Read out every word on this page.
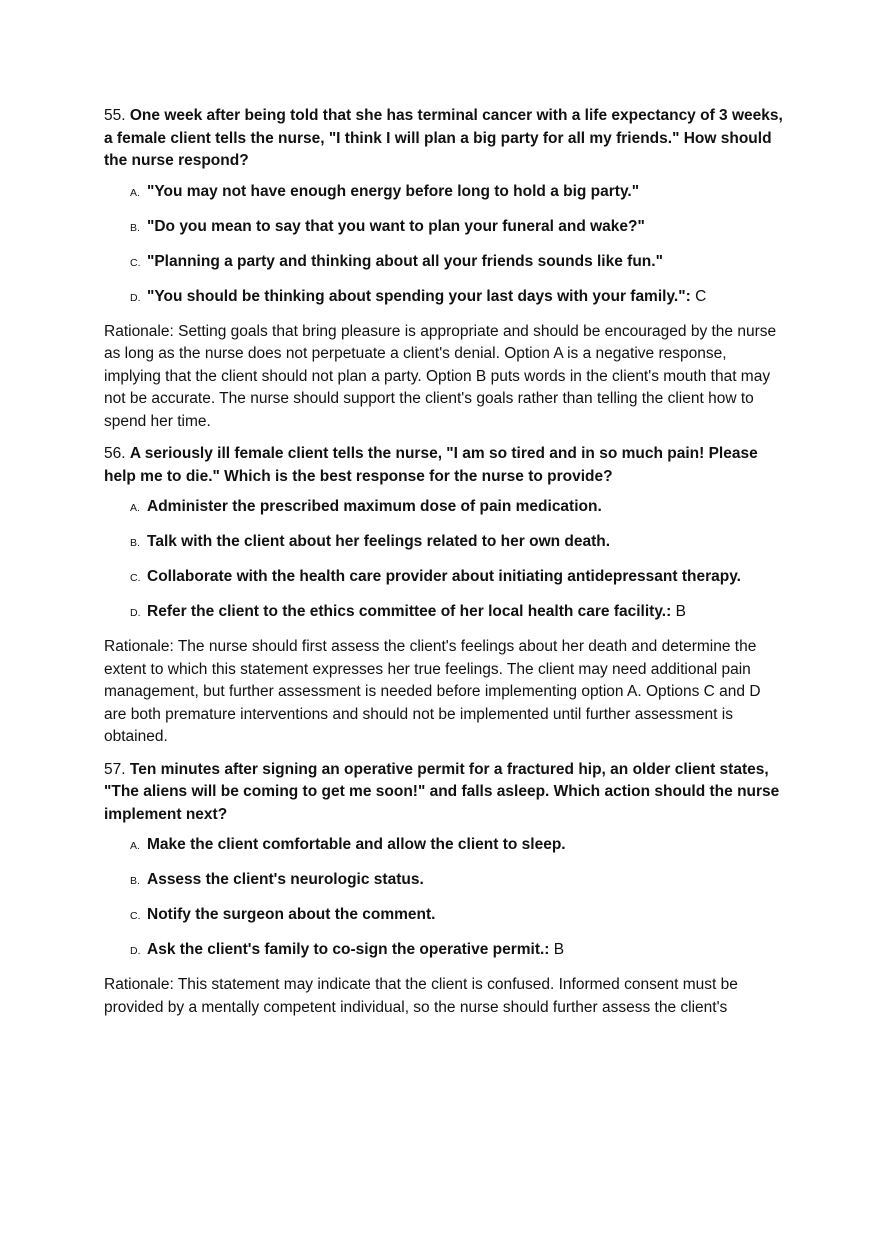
55. One week after being told that she has terminal cancer with a life expectancy of 3 weeks, a female client tells the nurse, "I think I will plan a big party for all my friends." How should the nurse respond?

A. "You may not have enough energy before long to hold a big party."
B. "Do you mean to say that you want to plan your funeral and wake?"
C. "Planning a party and thinking about all your friends sounds like fun."
D. "You should be thinking about spending your last days with your family.": C

Rationale: Setting goals that bring pleasure is appropriate and should be encouraged by the nurse as long as the nurse does not perpetuate a client's denial. Option A is a negative response, implying that the client should not plan a party. Option B puts words in the client's mouth that may not be accurate. The nurse should support the client's goals rather than telling the client how to spend her time.

56. A seriously ill female client tells the nurse, "I am so tired and in so much pain! Please help me to die." Which is the best response for the nurse to provide?

A. Administer the prescribed maximum dose of pain medication.
B. Talk with the client about her feelings related to her own death.
C. Collaborate with the health care provider about initiating antidepressant therapy.
D. Refer the client to the ethics committee of her local health care facility.: B

Rationale: The nurse should first assess the client's feelings about her death and determine the extent to which this statement expresses her true feelings. The client may need additional pain management, but further assessment is needed before implementing option A. Options C and D are both premature interventions and should not be implemented until further assessment is obtained.

57. Ten minutes after signing an operative permit for a fractured hip, an older client states, "The aliens will be coming to get me soon!" and falls asleep. Which action should the nurse implement next?

A. Make the client comfortable and allow the client to sleep.
B. Assess the client's neurologic status.
C. Notify the surgeon about the comment.
D. Ask the client's family to co-sign the operative permit.: B

Rationale: This statement may indicate that the client is confused. Informed consent must be provided by a mentally competent individual, so the nurse should further assess the client's
